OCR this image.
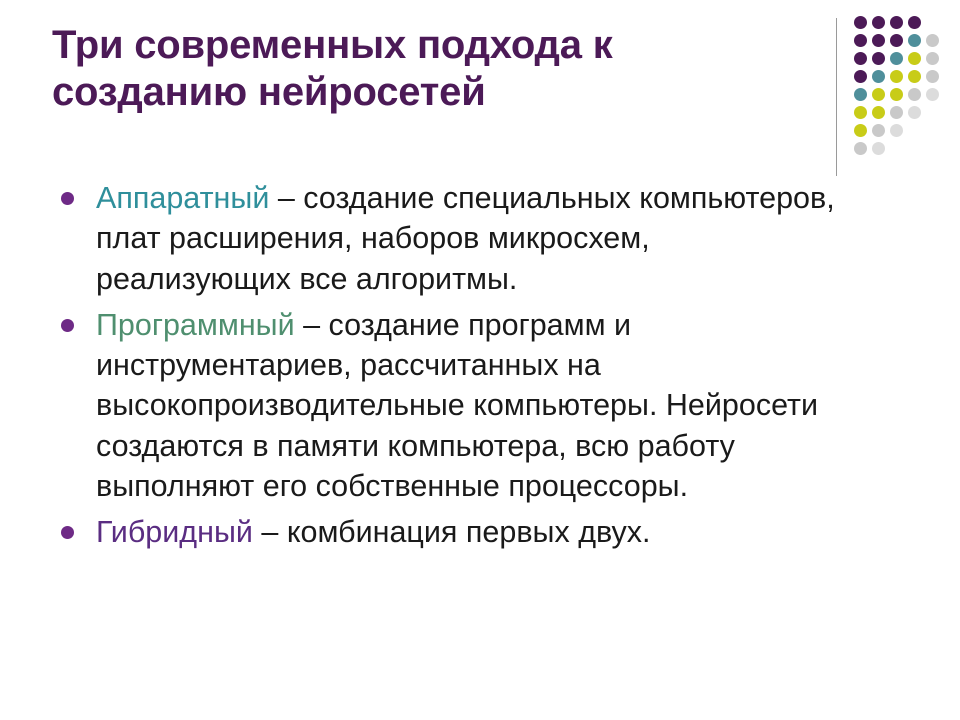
Три современных подхода к созданию нейросетей
Аппаратный – создание специальных компьютеров, плат расширения, наборов микросхем, реализующих все алгоритмы.
Программный – создание программ и инструментариев, рассчитанных на высокопроизводительные компьютеры. Нейросети создаются в памяти компьютера, всю работу выполняют его собственные процессоры.
Гибридный – комбинация первых двух.
